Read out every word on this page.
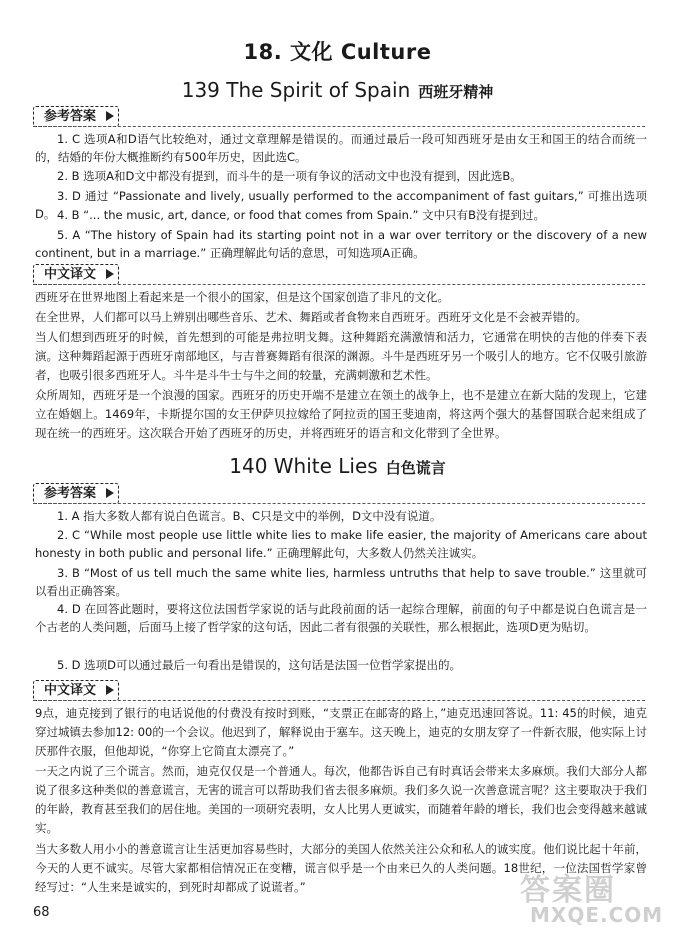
18. 文化 Culture
139 The Spirit of Spain 西班牙精神
参考答案

1. C 选项A和D语气比较绝对，通过文章理解是错误的。而通过最后一段可知西班牙是由女王和国王的结合而统一的，结婚的年份大概推断约有500年历史，因此选C。

2. B 选项A和D文中都没有提到，而斗牛的是一项有争议的活动文中也没有提到，因此选B。

3. D 通过 “Passionate and lively, usually performed to the accompaniment of fast guitars,” 可推出选项D。 4. B “... the music, art, dance, or food that comes from Spain.” 文中只有B没有提到过。

5. A “The history of Spain had its starting point not in a war over territory or the discovery of a new continent, but in a marriage.” 正确理解此句话的意思，可知选项A正确。

中文译文

西班牙在世界地图上看起来是一个很小的国家，但是这个国家创造了非凡的文化。

在全世界，人们都可以马上辨别出哪些音乐、艺术、舞蹈或者食物来自西班牙。西班牙文化是不会被弄错的。

当人们想到西班牙的时候，首先想到的可能是弗拉明戈舞。这种舞蹈充满激情和活力，它通常在明快的吉他的伴奏下表演。这种舞蹈起源于西班牙南部地区，与吉普赛舞蹈有很深的渊源。斗牛是西班牙另一个吸引人的地方。它不仅吸引旅游者，也吸引很多西班牙人。斗牛是斗牛士与牛之间的较量，充满刺激和艺术性。

众所周知，西班牙是一个浪漫的国家。西班牙的历史开端不是建立在领土的战争上，也不是建立在新大陆的发现上，它建立在婚姻上。1469年，卡斯提尔国的女王伊萨贝拉嫁给了阿拉贡的国王斐迪南，将这两个强大的基督国联合起来组成了现在统一的西班牙。这次联合开始了西班牙的历史，并将西班牙的语言和文化带到了全世界。

140 White Lies 白色谎言
参考答案

1. A 指大多数人都有说白色谎言。B、C只是文中的举例，D文中没有说道。

2. C “While most people use little white lies to make life easier, the majority of Americans care about honesty in both public and personal life.” 正确理解此句，大多数人仍然关注诚实。

3. B “Most of us tell much the same white lies, harmless untruths that help to save trouble.” 这里就可以看出正确答案。

4. D 在回答此题时，要将这位法国哲学家说的话与此段前面的话一起综合理解，前面的句子中都是说白色谎言是一个古老的人类问题，后面马上接了哲学家的这句话，因此二者有很强的关联性，那么根据此，选项D更为贴切。

5. D 选项D可以通过最后一句看出是错误的，这句话是法国一位哲学家提出的。

中文译文

9点，迪克接到了银行的电话说他的付费没有按时到账，“支票正在邮寄的路上，”迪克迅速回答说。11: 45的时候，迪克穿过城镇去参加12: 00的一个会议。他迟到了，解释说由于塞车。这天晚上，迪克的女朋友穿了一件新衣服，他实际上讨厌那件衣服，但他却说，“你穿上它简直太漂亮了。”

一天之内说了三个谎言。然而，迪克仅仅是一个普通人。每次，他都告诉自己有时真话会带来太多麻烦。我们大部分人都说了很多这种类似的善意谎言，无害的谎言可以帮助我们省去很多麻烦。我们多久说一次善意谎言呢？这主要取决于我们的年龄，教育甚至我们的居住地。美国的一项研究表明，女人比男人更诚实，而随着年龄的增长，我们也会变得越来越诚实。

当大多数人用小小的善意谎言让生活更加容易些时，大部分的美国人依然关注公众和私人的诚实度。他们说比起十年前，今天的人更不诚实。尽管大家都相信情况正在变糟，谎言似乎是一个由来已久的人类问题。18世纪，一位法国哲学家曾经写过：“人生来是诚实的，到死时却都成了说谎者。”	答案圈
MXQE.COM
68
